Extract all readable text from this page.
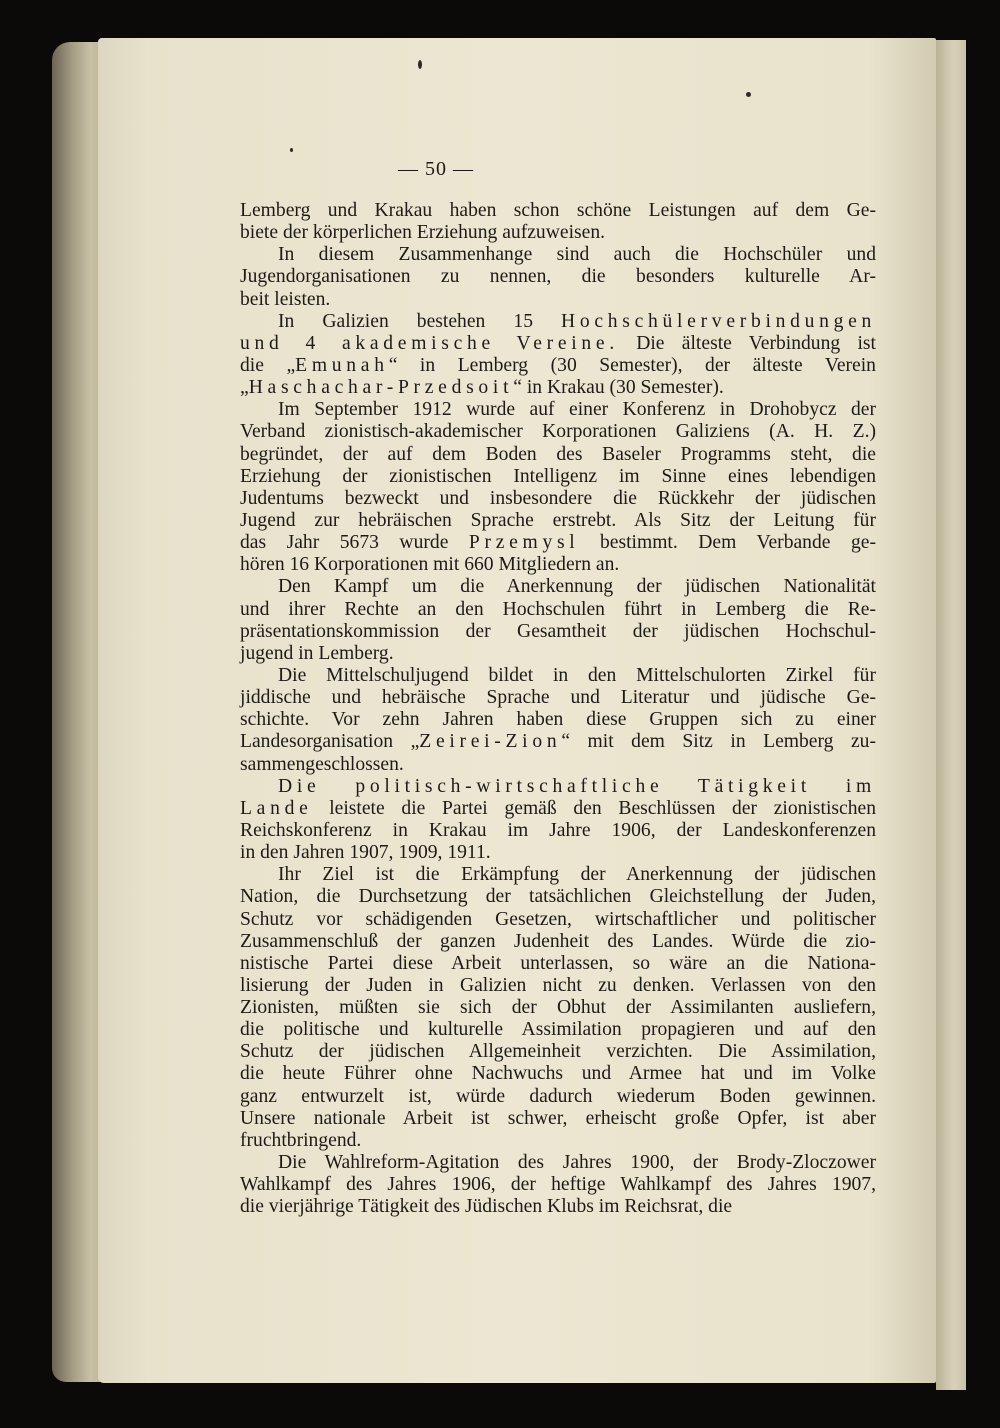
— 50 —
Lemberg und Krakau haben schon schöne Leistungen auf dem Ge-
biete der körperlichen Erziehung aufzuweisen.
In diesem Zusammenhange sind auch die Hochschüler und
Jugendorganisationen zu nennen, die besonders kulturelle Ar-
beit leisten.
In Galizien bestehen 15 Hochschülerverbindungen
und 4 akademische Vereine. Die älteste Verbindung ist
die „Emunah“ in Lemberg (30 Semester), der älteste Verein
„Haschachar-Przedsoit“ in Krakau (30 Semester).
Im September 1912 wurde auf einer Konferenz in Drohobycz der
Verband zionistisch-akademischer Korporationen Galiziens (A. H. Z.)
begründet, der auf dem Boden des Baseler Programms steht, die
Erziehung der zionistischen Intelligenz im Sinne eines lebendigen
Judentums bezweckt und insbesondere die Rückkehr der jüdischen
Jugend zur hebräischen Sprache erstrebt. Als Sitz der Leitung für
das Jahr 5673 wurde Przemysl bestimmt. Dem Verbande ge-
hören 16 Korporationen mit 660 Mitgliedern an.
Den Kampf um die Anerkennung der jüdischen Nationalität
und ihrer Rechte an den Hochschulen führt in Lemberg die Re-
präsentationskommission der Gesamtheit der jüdischen Hochschul-
jugend in Lemberg.
Die Mittelschuljugend bildet in den Mittelschulorten Zirkel für
jiddische und hebräische Sprache und Literatur und jüdische Ge-
schichte. Vor zehn Jahren haben diese Gruppen sich zu einer
Landesorganisation „Zeirei-Zion“ mit dem Sitz in Lemberg zu-
sammengeschlossen.
Die politisch-wirtschaftliche Tätigkeit im
Lande leistete die Partei gemäß den Beschlüssen der zionistischen
Reichskonferenz in Krakau im Jahre 1906, der Landeskonferenzen
in den Jahren 1907, 1909, 1911.
Ihr Ziel ist die Erkämpfung der Anerkennung der jüdischen
Nation, die Durchsetzung der tatsächlichen Gleichstellung der Juden,
Schutz vor schädigenden Gesetzen, wirtschaftlicher und politischer
Zusammenschluß der ganzen Judenheit des Landes. Würde die zio-
nistische Partei diese Arbeit unterlassen, so wäre an die Nationa-
lisierung der Juden in Galizien nicht zu denken. Verlassen von den
Zionisten, müßten sie sich der Obhut der Assimilanten ausliefern,
die politische und kulturelle Assimilation propagieren und auf den
Schutz der jüdischen Allgemeinheit verzichten. Die Assimilation,
die heute Führer ohne Nachwuchs und Armee hat und im Volke
ganz entwurzelt ist, würde dadurch wiederum Boden gewinnen.
Unsere nationale Arbeit ist schwer, erheischt große Opfer, ist aber
fruchtbringend.
Die Wahlreform-Agitation des Jahres 1900, der Brody-Zloczower
Wahlkampf des Jahres 1906, der heftige Wahlkampf des Jahres 1907,
die vierjährige Tätigkeit des Jüdischen Klubs im Reichsrat, die
